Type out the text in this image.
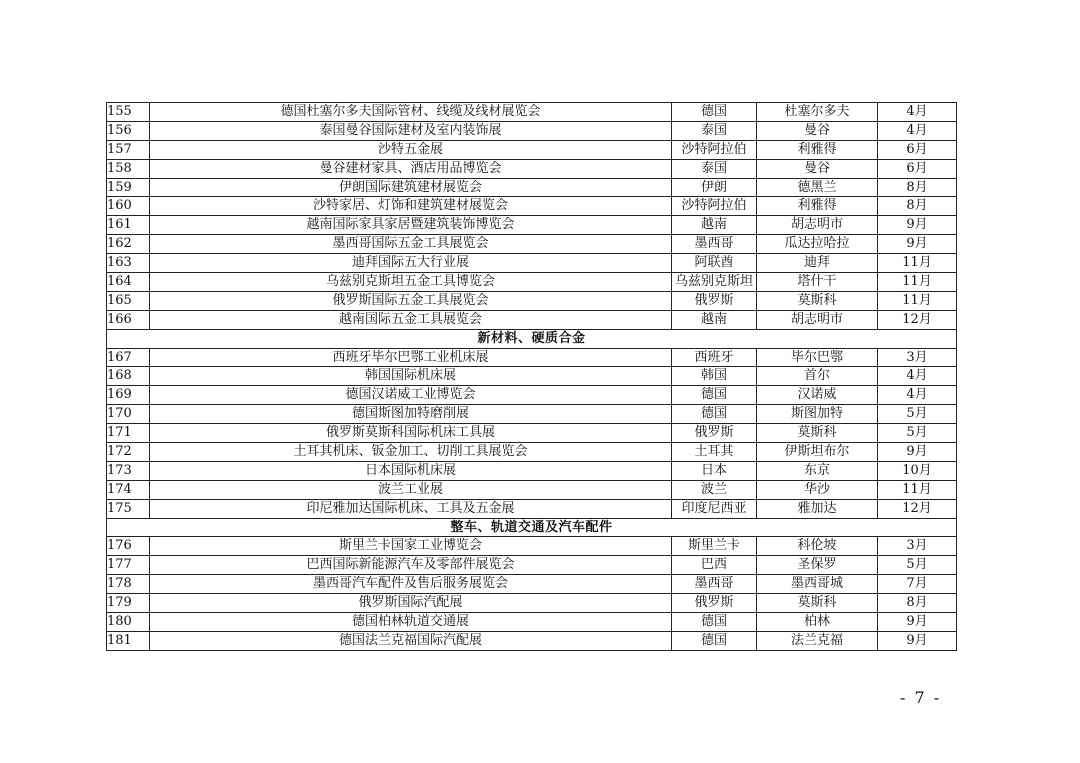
155	德国杜塞尔多夫国际管材、线缆及线材展览会	德国	杜塞尔多夫	4月
156	泰国曼谷国际建材及室内装饰展	泰国	曼谷	4月
157	沙特五金展	沙特阿拉伯	利雅得	6月
158	曼谷建材家具、酒店用品博览会	泰国	曼谷	6月
159	伊朗国际建筑建材展览会	伊朗	德黑兰	8月
160	沙特家居、灯饰和建筑建材展览会	沙特阿拉伯	利雅得	8月
161	越南国际家具家居暨建筑装饰博览会	越南	胡志明市	9月
162	墨西哥国际五金工具展览会	墨西哥	瓜达拉哈拉	9月
163	迪拜国际五大行业展	阿联酋	迪拜	11月
164	乌兹别克斯坦五金工具博览会	乌兹别克斯坦	塔什干	11月
165	俄罗斯国际五金工具展览会	俄罗斯	莫斯科	11月
166	越南国际五金工具展览会	越南	胡志明市	12月
新材料、硬质合金				
167	西班牙毕尔巴鄂工业机床展	西班牙	毕尔巴鄂	3月
168	韩国国际机床展	韩国	首尔	4月
169	德国汉诺威工业博览会	德国	汉诺威	4月
170	德国斯图加特磨削展	德国	斯图加特	5月
171	俄罗斯莫斯科国际机床工具展	俄罗斯	莫斯科	5月
172	土耳其机床、钣金加工、切削工具展览会	土耳其	伊斯坦布尔	9月
173	日本国际机床展	日本	东京	10月
174	波兰工业展	波兰	华沙	11月
175	印尼雅加达国际机床、工具及五金展	印度尼西亚	雅加达	12月
整车、轨道交通及汽车配件				
176	斯里兰卡国家工业博览会	斯里兰卡	科伦坡	3月
177	巴西国际新能源汽车及零部件展览会	巴西	圣保罗	5月
178	墨西哥汽车配件及售后服务展览会	墨西哥	墨西哥城	7月
179	俄罗斯国际汽配展	俄罗斯	莫斯科	8月
180	德国柏林轨道交通展	德国	柏林	9月
181	德国法兰克福国际汽配展	德国	法兰克福	9月
- 7 -
